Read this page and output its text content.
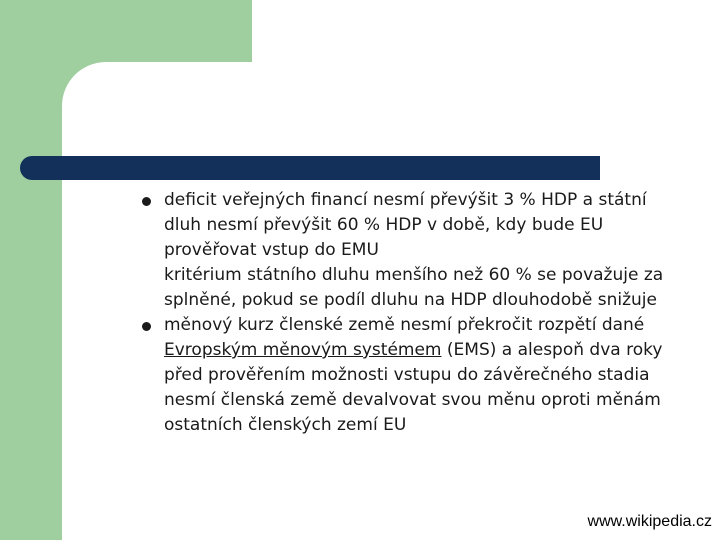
deficit veřejných financí nesmí převýšit 3 % HDP a státní dluh nesmí převýšit 60 % HDP v době, kdy bude EU prověřovat vstup do EMU
kritérium státního dluhu menšího než 60 % se považuje za splněné, pokud se podíl dluhu na HDP dlouhodobě snižuje
měnový kurz členské země nesmí překročit rozpětí dané Evropským měnovým systémem (EMS) a alespoň dva roky před prověřením možnosti vstupu do závěrečného stadia nesmí členská země devalvovat svou měnu oproti měnám ostatních členských zemí EU
www.wikipedia.cz
